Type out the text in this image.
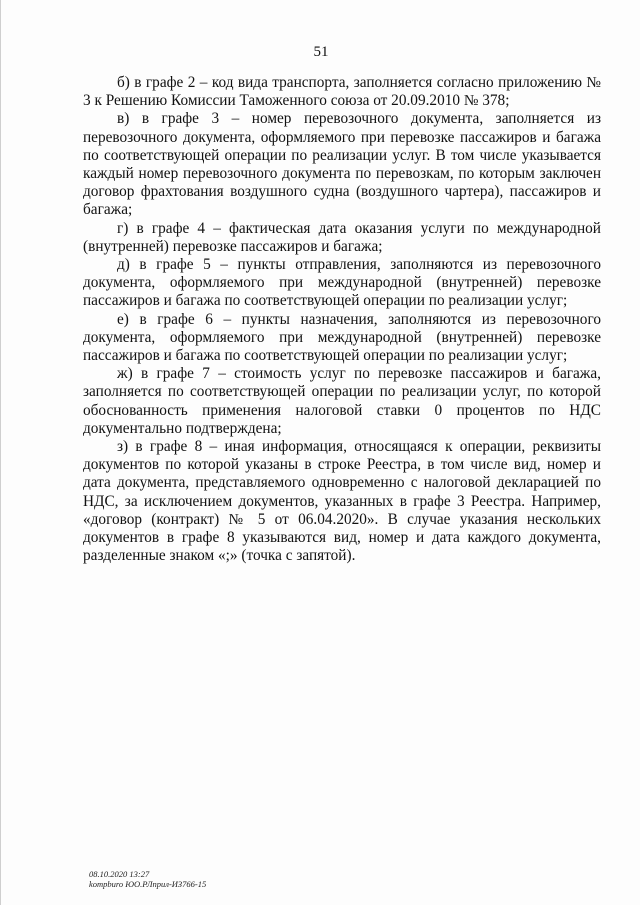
51

б) в графе 2 – код вида транспорта, заполняется согласно приложению № 3 к Решению Комиссии Таможенного союза от 20.09.2010 № 378;

в) в графе 3 – номер перевозочного документа, заполняется из перевозочного документа, оформляемого при перевозке пассажиров и багажа по соответствующей операции по реализации услуг. В том числе указывается каждый номер перевозочного документа по перевозкам, по которым заключен договор фрахтования воздушного судна (воздушного чартера), пассажиров и багажа;

г) в графе 4 – фактическая дата оказания услуги по международной (внутренней) перевозке пассажиров и багажа;

д) в графе 5 – пункты отправления, заполняются из перевозочного документа, оформляемого при международной (внутренней) перевозке пассажиров и багажа по соответствующей операции по реализации услуг;

е) в графе 6 – пункты назначения, заполняются из перевозочного документа, оформляемого при международной (внутренней) перевозке пассажиров и багажа по соответствующей операции по реализации услуг;

ж) в графе 7 – стоимость услуг по перевозке пассажиров и багажа, заполняется по соответствующей операции по реализации услуг, по которой обоснованность применения налоговой ставки 0 процентов по НДС документально подтверждена;

з) в графе 8 – иная информация, относящаяся к операции, реквизиты документов по которой указаны в строке Реестра, в том числе вид, номер и дата документа, представляемого одновременно с налоговой декларацией по НДС, за исключением документов, указанных в графе 3 Реестра. Например, «договор (контракт) № 5 от 06.04.2020». В случае указания нескольких документов в графе 8 указываются вид, номер и дата каждого документа, разделенные знаком «;» (точка с запятой).

08.10.2020 13:27
kompburo ЮО.РЛприл-ИЗ766-15
